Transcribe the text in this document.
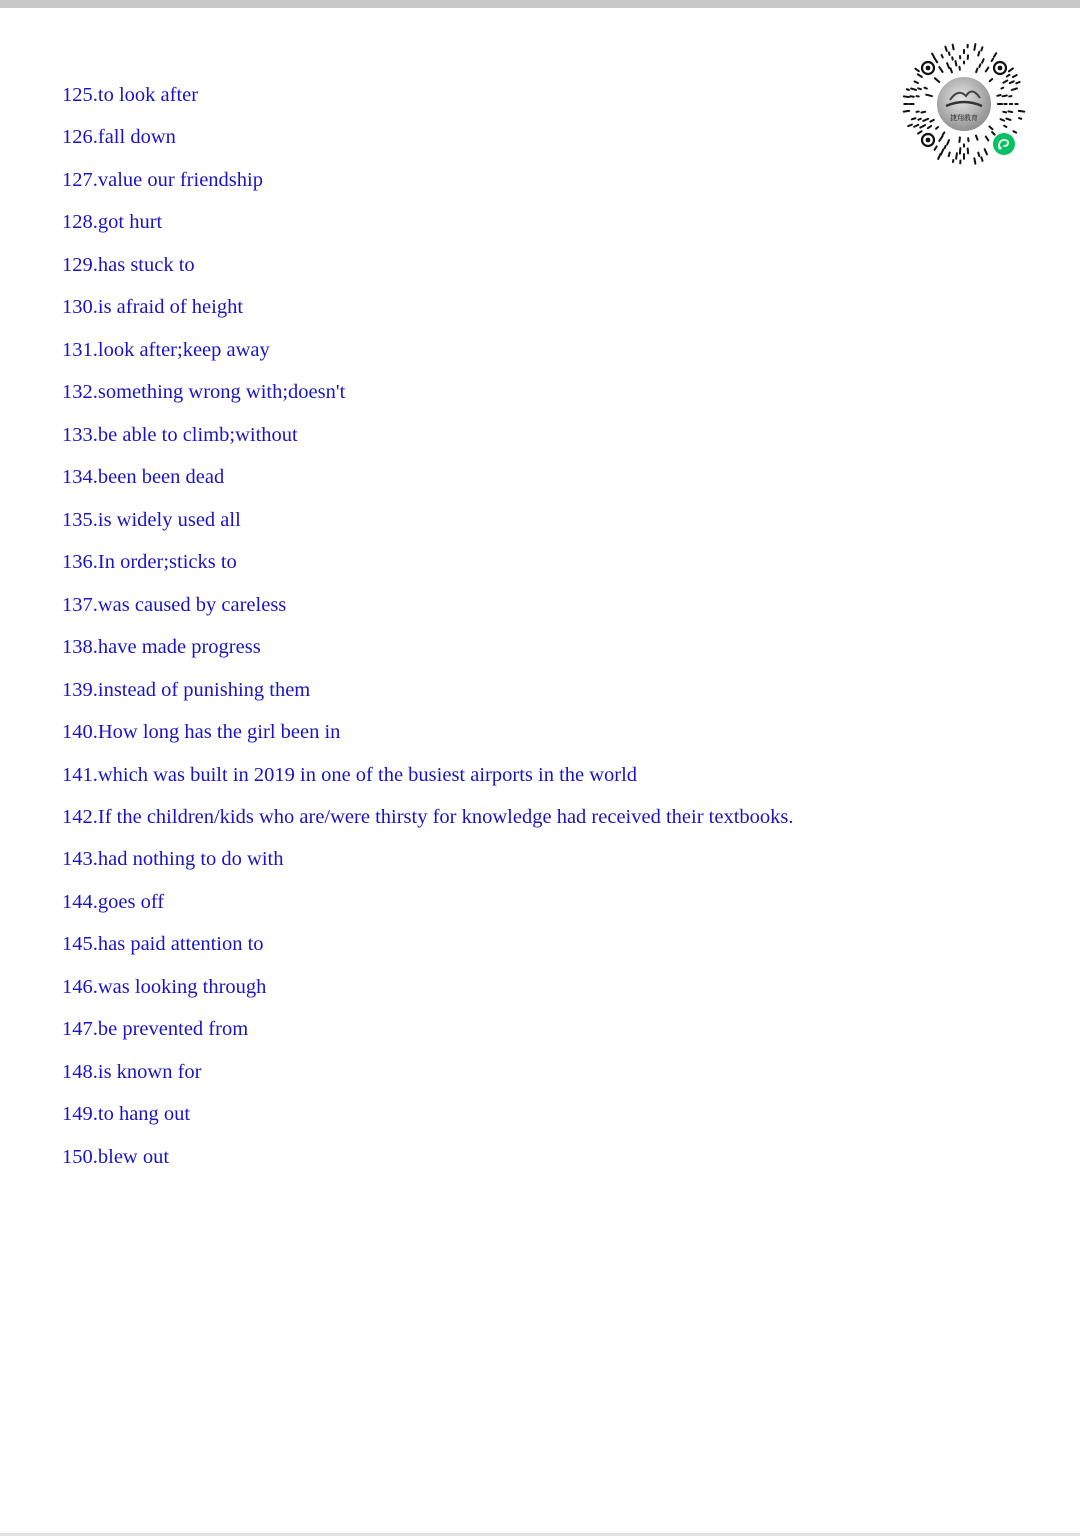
125.to look after
126.fall down
127.value our friendship
128.got hurt
129.has stuck to
130.is afraid of height
131.look after;keep away
132.something wrong with;doesn't
133.be able to climb;without
134.been been dead
135.is widely used all
136.In order;sticks to
137.was caused by careless
138.have made progress
139.instead of punishing them
140.How long has the girl been in
141.which was built in 2019 in one of the busiest airports in the world
142.If the children/kids who are/were thirsty for knowledge had received their textbooks.
143.had nothing to do with
144.goes off
145.has paid attention to
146.was looking through
147.be prevented from
148.is known for
149.to hang out
150.blew out
捷翔教育
